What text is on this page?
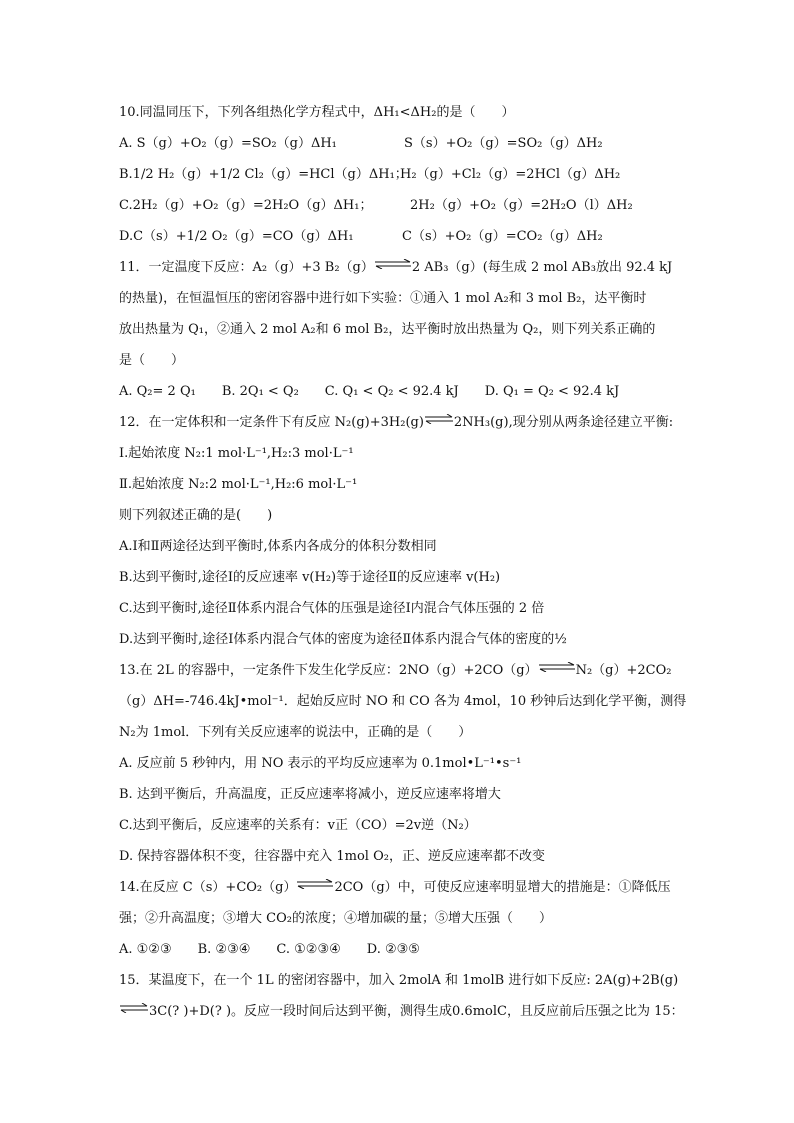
10.同温同压下，下列各组热化学方程式中，ΔH₁<ΔH₂的是（　　）
A. S（g）+O₂（g）=SO₂（g）ΔH₁	S（s）+O₂（g）=SO₂（g）ΔH₂
B.1/2 H₂（g）+1/2 Cl₂（g）=HCl（g）ΔH₁；
H₂（g）+Cl₂（g）=2HCl（g）ΔH₂
C.2H₂（g）+O₂（g）=2H₂O（g）ΔH₁；	2H₂（g）+O₂（g）=2H₂O（l）ΔH₂
D.C（s）+1/2 O₂（g）=CO（g）ΔH₁	C（s）+O₂（g）=CO₂（g）ΔH₂
11．一定温度下反应：A₂（g）+3 B₂（g）⇌2 AB₃（g）(每生成 2 mol AB₃放出 92.4 kJ
的热量)，在恒温恒压的密闭容器中进行如下实验：①通入 1 mol A₂和 3 mol B₂，达平衡时
放出热量为 Q₁，②通入 2 mol A₂和 6 mol B₂，达平衡时放出热量为 Q₂，则下列关系正确的
是（　　）
A. Q₂= 2 Q₁　　B. 2Q₁ < Q₂　　C. Q₁ < Q₂ < 92.4 kJ　　D. Q₁ = Q₂ < 92.4 kJ
12．在一定体积和一定条件下有反应 N₂(g)+3H₂(g)⇌2NH₃(g),现分别从两条途径建立平衡:
Ⅰ.起始浓度 N₂:1 mol·L⁻¹,H₂:3 mol·L⁻¹
Ⅱ.起始浓度 N₂:2 mol·L⁻¹,H₂:6 mol·L⁻¹
则下列叙述正确的是(　　)
A.Ⅰ和Ⅱ两途径达到平衡时,体系内各成分的体积分数相同
B.达到平衡时,途径Ⅰ的反应速率 v(H₂)等于途径Ⅱ的反应速率 v(H₂)
C.达到平衡时,途径Ⅱ体系内混合气体的压强是途径Ⅰ内混合气体压强的 2 倍
D.达到平衡时,途径Ⅰ体系内混合气体的密度为途径Ⅱ体系内混合气体的密度的½
13.在 2L 的容器中，一定条件下发生化学反应：2NO（g）+2CO（g）⇌N₂（g）+2CO₂
（g）ΔH=-746.4kJ•mol⁻¹．起始反应时 NO 和 CO 各为 4mol，10 秒钟后达到化学平衡，测得
N₂为 1mol．下列有关反应速率的说法中，正确的是（　　）
A. 反应前 5 秒钟内，用 NO 表示的平均反应速率为 0.1mol•L⁻¹•s⁻¹
B. 达到平衡后，升高温度，正反应速率将减小，逆反应速率将增大
C.达到平衡后，反应速率的关系有：v正（CO）=2v逆（N₂）
D. 保持容器体积不变，往容器中充入 1mol O₂，正、逆反应速率都不改变
14.在反应 C（s）+CO₂（g）⇌2CO（g）中，可使反应速率明显增大的措施是：①降低压
强；②升高温度；③增大 CO₂的浓度；④增加碳的量；⑤增大压强（　　）
A. ①②③　　B. ②③④　　C. ①②③④　　D. ②③⑤
15．某温度下，在一个 1L 的密闭容器中，加入 2molA 和 1molB 进行如下反应: 2A(g)+2B(g)
⇌3C(? )+D(? )。反应一段时间后达到平衡，测得生成0.6molC，且反应前后压强之比为 15：
